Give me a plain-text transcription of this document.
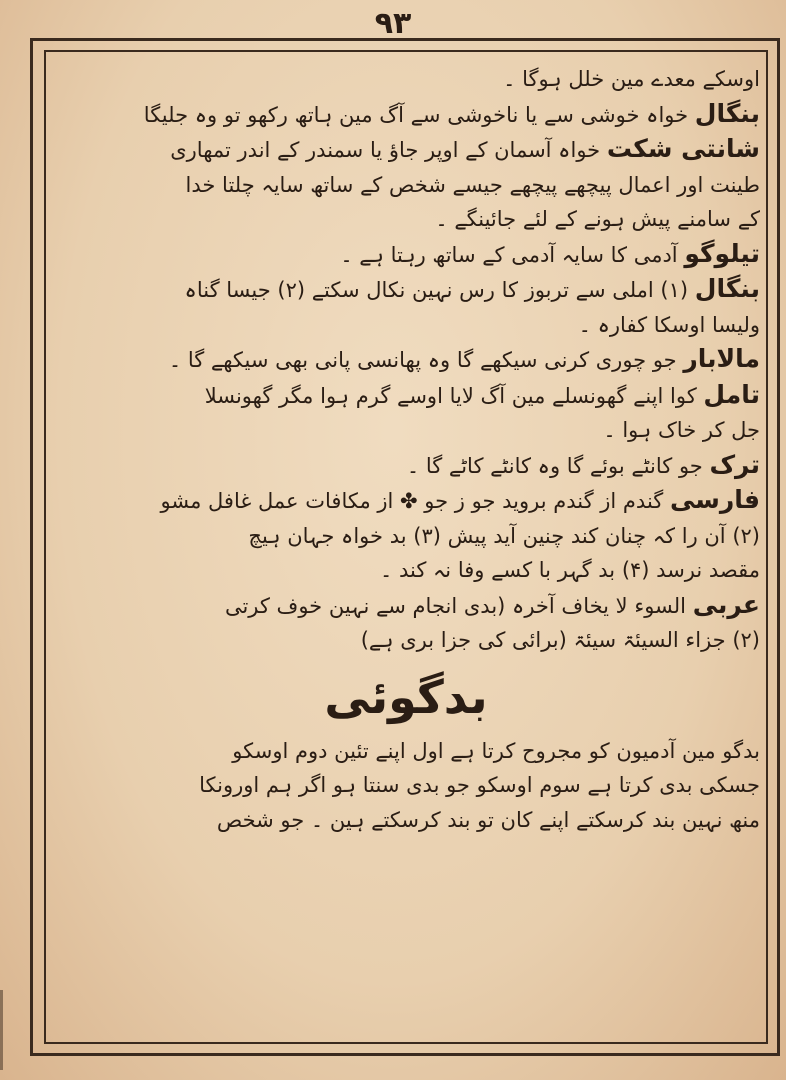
۹۳
اوسکے معدے مین خلل ہوگا ۔
بنگال خواہ خوشی سے یا ناخوشی سے آگ مین ہاتھ رکھو تو وہ جلیگا
شانتی شکت خواہ آسمان کے اوپر جاؤ یا سمندر کے اندر تمھاری
طینت اور اعمال پیچھے پیچھے جیسے شخص کے ساتھ سایہ چلتا خدا
کے سامنے پیش ہونے کے لئے جائینگے ۔
تیلوگو آدمی کا سایہ آدمی کے ساتھ رہتا ہے ۔
بنگال (۱) املی سے تربوز کا رس نہین نکال سکتے (۲) جیسا گناہ
ولیسا اوسکا کفارہ ۔
مالابار جو چوری کرنی سیکھے گا وہ پھانسی پانی بھی سیکھے گا ۔
تامل کوا اپنے گھونسلے مین آگ لایا اوسے گرم ہوا مگر گھونسلا
جل کر خاک ہوا ۔
ترک جو کانٹے بوئے گا وہ کانٹے کاٹے گا ۔
فارسی گندم از گندم بروید جو ز جو ✤ از مکافات عمل غافل مشو
(۲) آن را کہ چنان کند چنین آید پیش (۳) بد خواہ جہان ہیچ
مقصد نرسد (۴) بد گہر با کسے وفا نہ کند ۔
عربی السوء لا یخاف آخرہ (بدی انجام سے نہین خوف کرتی
(۲) جزاء السیئۃ سیئۃ (برائی کی جزا بری ہے)
بدگوئی
بدگو مین آدمیون کو مجروح کرتا ہے اول اپنے تئین دوم اوسکو
جسکی بدی کرتا ہے سوم اوسکو جو بدی سنتا ہو اگر ہم اورونکا
منھ نہین بند کرسکتے اپنے کان تو بند کرسکتے ہین ۔ جو شخص
